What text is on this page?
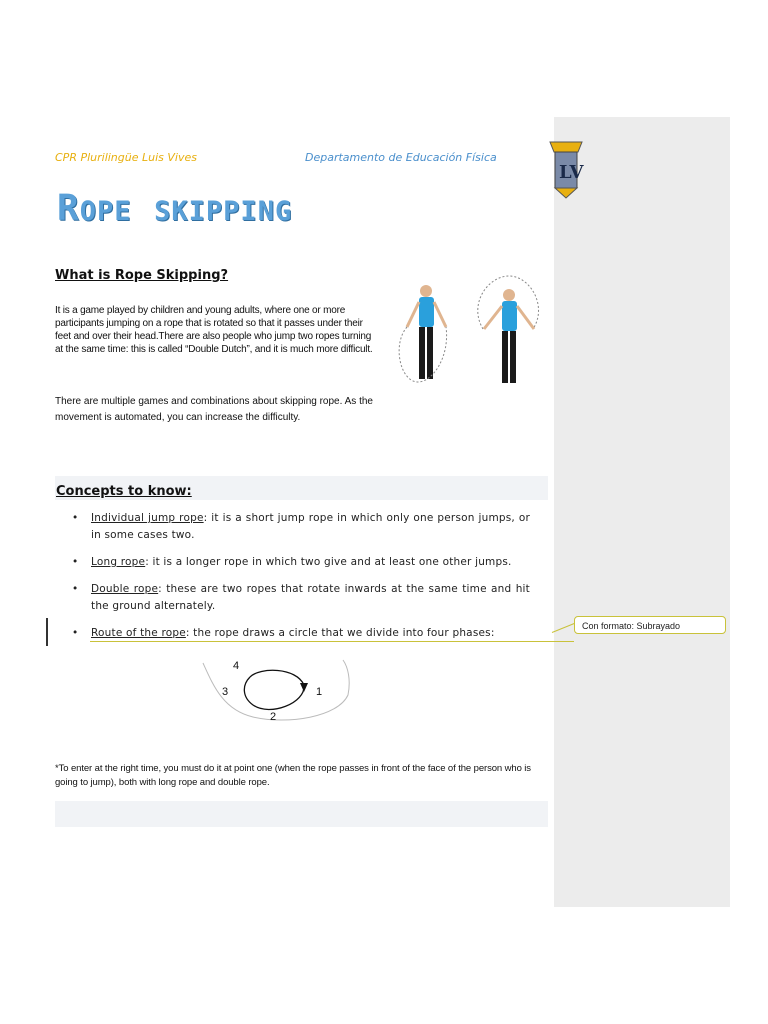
LV
Con formato: Subrayado
CPR Plurilingüe Luis Vives	Departamento de Educación Física
ROPE SKIPPING
What is Rope Skipping?
It is a game played by children and young adults, where one or more participants jumping on a rope that is rotated so that it passes under their feet and over their head.There are also people who jump two ropes turning at the same time: this is called “Double Dutch”, and it is much more difficult.
There are multiple games and combinations about skipping rope. As the movement is automated, you can increase the difficulty.
Concepts to know:
• Individual jump rope: it is a short jump rope in which only one person jumps, or in some cases two.
• Long rope: it is a longer rope in which two give and at least one other jumps.
• Double rope: these are two ropes that rotate inwards at the same time and hit the ground alternately.
• Route of the rope: the rope draws a circle that we divide into four phases:
4
1
3
2
*To enter at the right time, you must do it at point one (when the rope passes in front of the face of the person who is going to jump), both with long rope and double rope.
